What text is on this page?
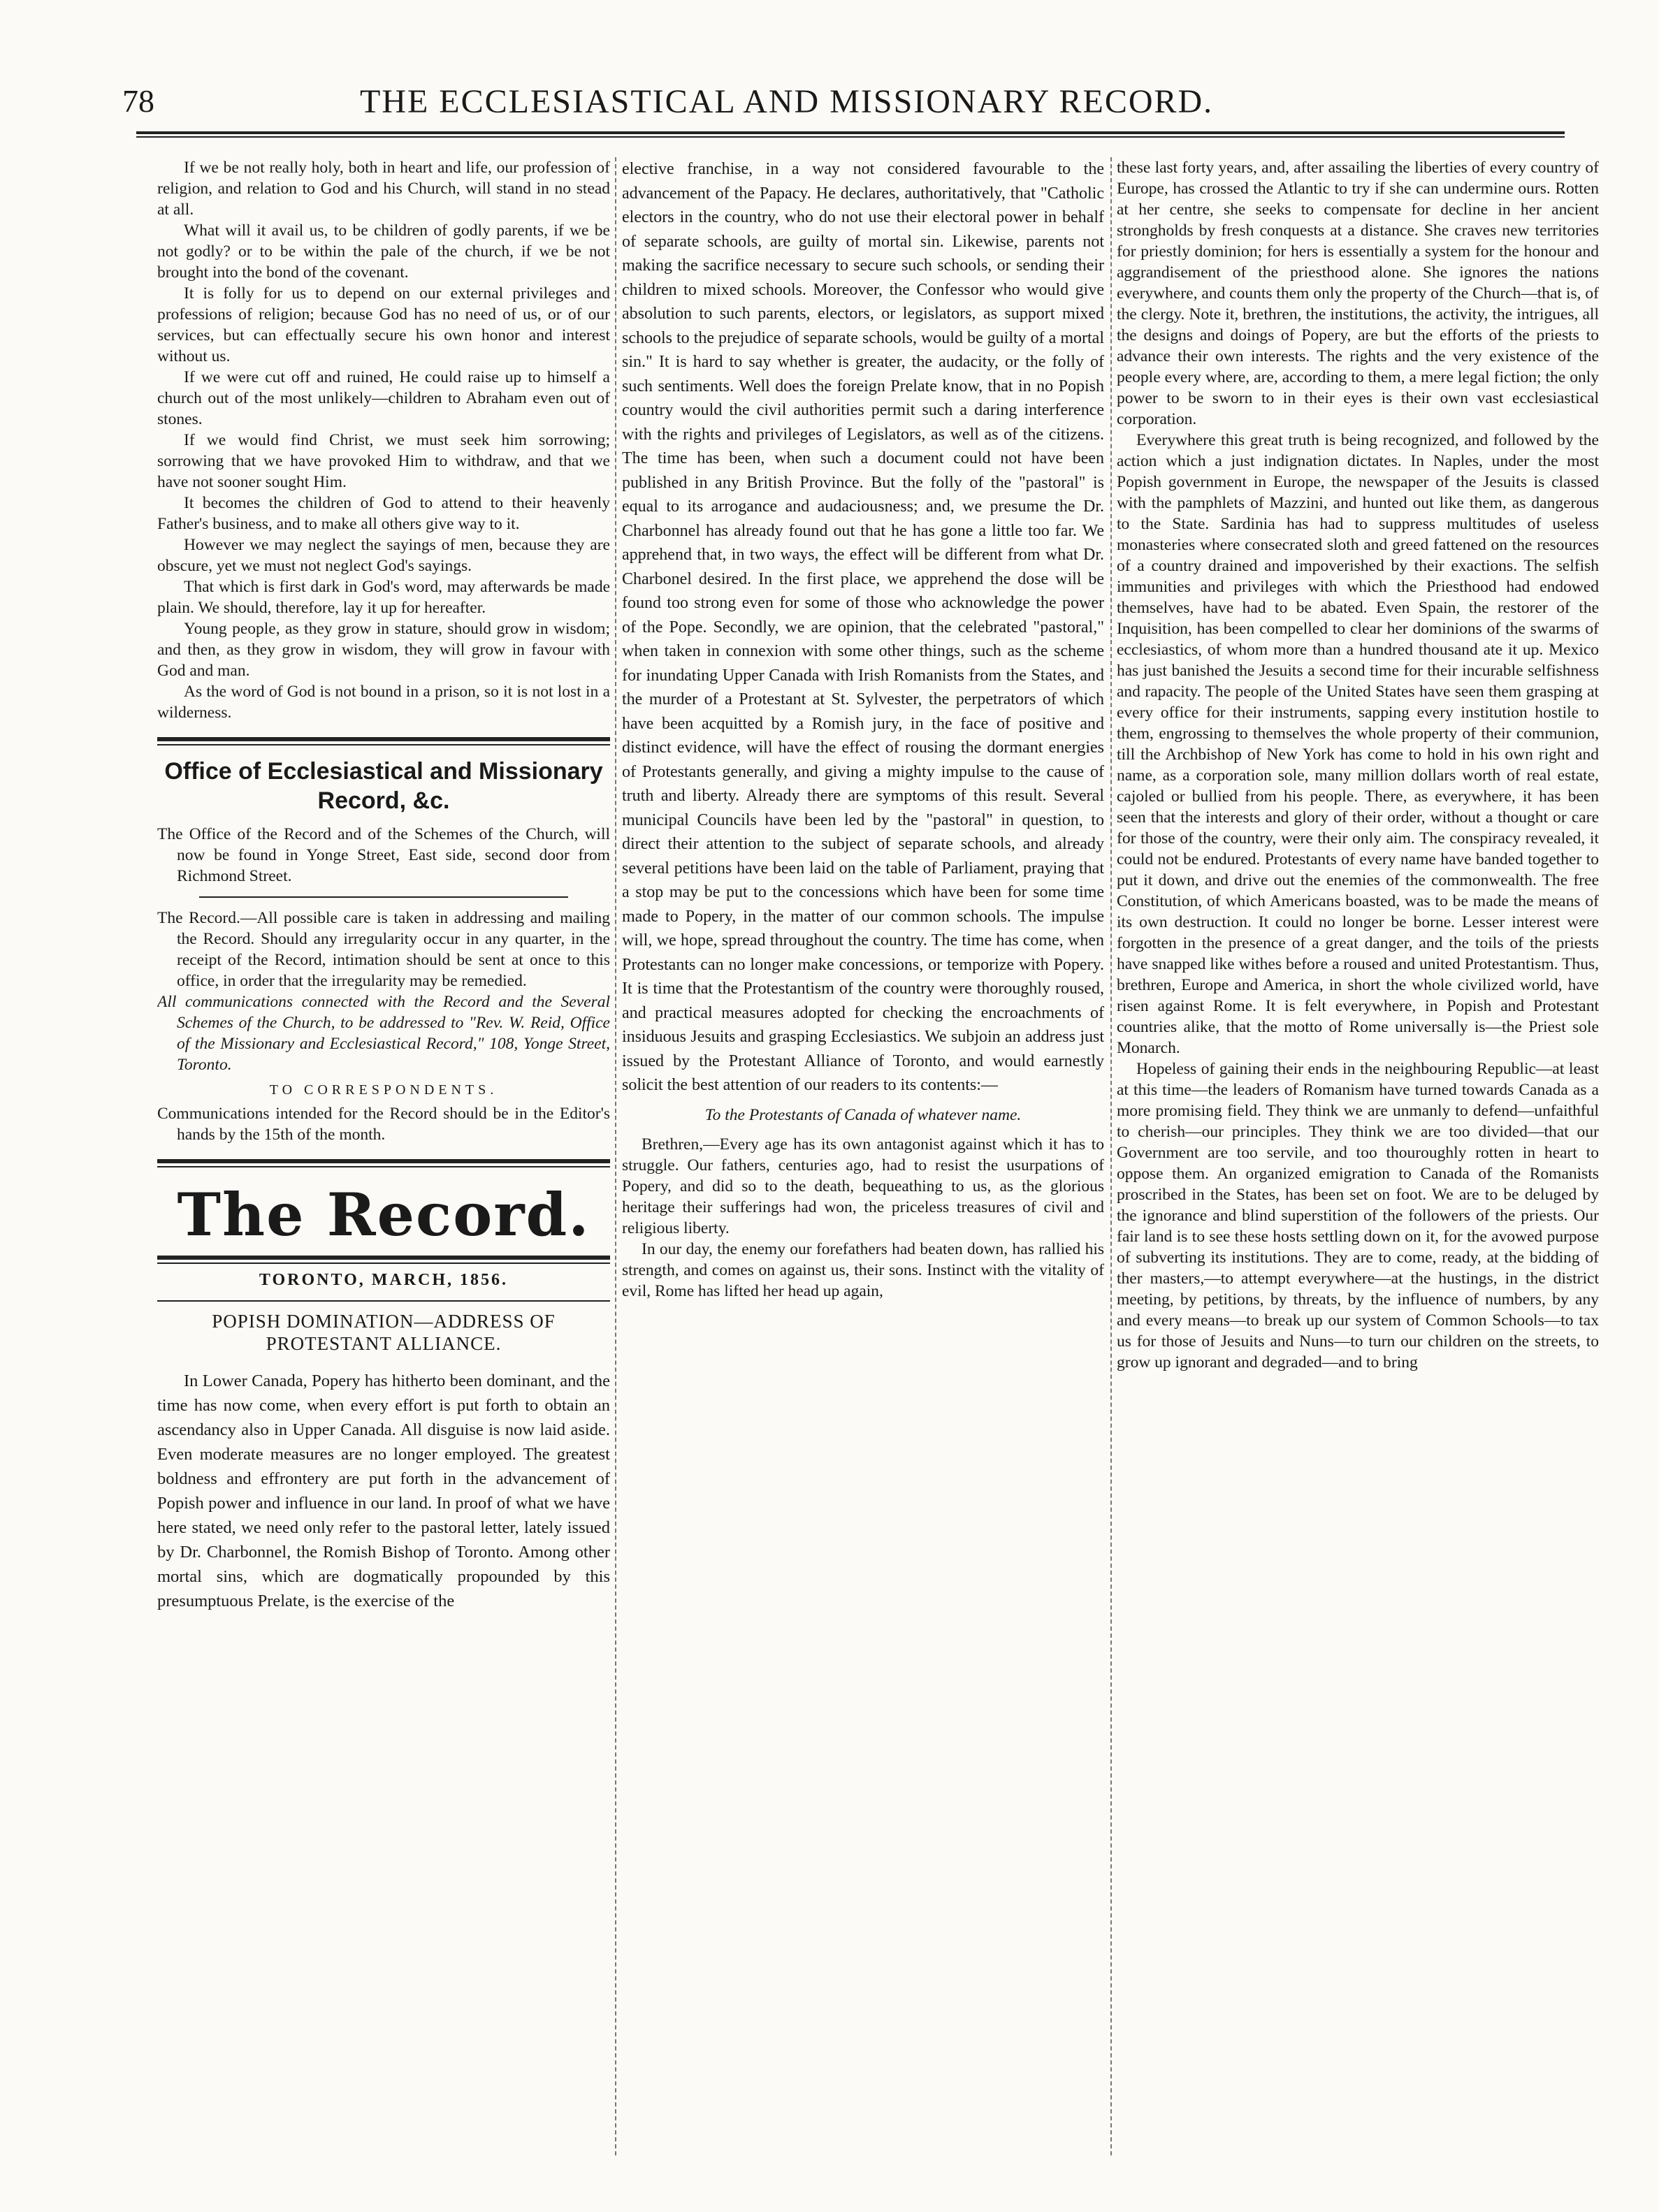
78	THE ECCLESIASTICAL AND MISSIONARY RECORD.

If we be not really holy, both in heart and life, our profession of religion, and relation to God and his Church, will stand in no stead at all.

What will it avail us, to be children of godly parents, if we be not godly? or to be within the pale of the church, if we be not brought into the bond of the covenant.

It is folly for us to depend on our external privileges and professions of religion; because God has no need of us, or of our services, but can effectually secure his own honor and interest without us.

If we were cut off and ruined, He could raise up to himself a church out of the most unlikely—children to Abraham even out of stones.

If we would find Christ, we must seek him sorrowing; sorrowing that we have provoked Him to withdraw, and that we have not sooner sought Him.

It becomes the children of God to attend to their heavenly Father's business, and to make all others give way to it.

However we may neglect the sayings of men, because they are obscure, yet we must not neglect God's sayings.

That which is first dark in God's word, may afterwards be made plain. We should, therefore, lay it up for hereafter.

Young people, as they grow in stature, should grow in wisdom; and then, as they grow in wisdom, they will grow in favour with God and man.

As the word of God is not bound in a prison, so it is not lost in a wilderness.

Office of Ecclesiastical and Missionary Record, &c.

The Office of the Record and of the Schemes of the Church, will now be found in Yonge Street, East side, second door from Richmond Street.

The Record.—All possible care is taken in addressing and mailing the Record. Should any irregularity occur in any quarter, in the receipt of the Record, intimation should be sent at once to this office, in order that the irregularity may be remedied.

All communications connected with the Record and the Several Schemes of the Church, to be addressed to "Rev. W. Reid, Office of the Missionary and Ecclesiastical Record," 108, Yonge Street, Toronto.

TO CORRESPONDENTS.

Communications intended for the Record should be in the Editor's hands by the 15th of the month.

The Record.
TORONTO, MARCH, 1856.
POPISH DOMINATION—ADDRESS OF PROTESTANT ALLIANCE.

In Lower Canada, Popery has hitherto been dominant, and the time has now come, when every effort is put forth to obtain an ascendancy also in Upper Canada. All disguise is now laid aside. Even moderate measures are no longer employed. The greatest boldness and effrontery are put forth in the advancement of Popish power and influence in our land. In proof of what we have here stated, we need only refer to the pastoral letter, lately issued by Dr. Charbonnel, the Romish Bishop of Toronto. Among other mortal sins, which are dogmatically propounded by this presumptuous Prelate, is the exercise of the

elective franchise, in a way not considered favourable to the advancement of the Papacy. He declares, authoritatively, that "Catholic electors in the country, who do not use their electoral power in behalf of separate schools, are guilty of mortal sin. Likewise, parents not making the sacrifice necessary to secure such schools, or sending their children to mixed schools. Moreover, the Confessor who would give absolution to such parents, electors, or legislators, as support mixed schools to the prejudice of separate schools, would be guilty of a mortal sin." It is hard to say whether is greater, the audacity, or the folly of such sentiments. Well does the foreign Prelate know, that in no Popish country would the civil authorities permit such a daring interference with the rights and privileges of Legislators, as well as of the citizens. The time has been, when such a document could not have been published in any British Province. But the folly of the "pastoral" is equal to its arrogance and audaciousness; and, we presume the Dr. Charbonnel has already found out that he has gone a little too far. We apprehend that, in two ways, the effect will be different from what Dr. Charbonel desired. In the first place, we apprehend the dose will be found too strong even for some of those who acknowledge the power of the Pope. Secondly, we are opinion, that the celebrated "pastoral," when taken in connexion with some other things, such as the scheme for inundating Upper Canada with Irish Romanists from the States, and the murder of a Protestant at St. Sylvester, the perpetrators of which have been acquitted by a Romish jury, in the face of positive and distinct evidence, will have the effect of rousing the dormant energies of Protestants generally, and giving a mighty impulse to the cause of truth and liberty. Already there are symptoms of this result. Several municipal Councils have been led by the "pastoral" in question, to direct their attention to the subject of separate schools, and already several petitions have been laid on the table of Parliament, praying that a stop may be put to the concessions which have been for some time made to Popery, in the matter of our common schools. The impulse will, we hope, spread throughout the country. The time has come, when Protestants can no longer make concessions, or temporize with Popery. It is time that the Protestantism of the country were thoroughly roused, and practical measures adopted for checking the encroachments of insiduous Jesuits and grasping Ecclesiastics. We subjoin an address just issued by the Protestant Alliance of Toronto, and would earnestly solicit the best attention of our readers to its contents:—

To the Protestants of Canada of whatever name.

Brethren,—Every age has its own antagonist against which it has to struggle. Our fathers, centuries ago, had to resist the usurpations of Popery, and did so to the death, bequeathing to us, as the glorious heritage their sufferings had won, the priceless treasures of civil and religious liberty.

In our day, the enemy our forefathers had beaten down, has rallied his strength, and comes on against us, their sons. Instinct with the vitality of evil, Rome has lifted her head up again,

these last forty years, and, after assailing the liberties of every country of Europe, has crossed the Atlantic to try if she can undermine ours. Rotten at her centre, she seeks to compensate for decline in her ancient strongholds by fresh conquests at a distance. She craves new territories for priestly dominion; for hers is essentially a system for the honour and aggrandisement of the priesthood alone. She ignores the nations everywhere, and counts them only the property of the Church—that is, of the clergy. Note it, brethren, the institutions, the activity, the intrigues, all the designs and doings of Popery, are but the efforts of the priests to advance their own interests. The rights and the very existence of the people every where, are, according to them, a mere legal fiction; the only power to be sworn to in their eyes is their own vast ecclesiastical corporation.

Everywhere this great truth is being recognized, and followed by the action which a just indignation dictates. In Naples, under the most Popish government in Europe, the newspaper of the Jesuits is classed with the pamphlets of Mazzini, and hunted out like them, as dangerous to the State. Sardinia has had to suppress multitudes of useless monasteries where consecrated sloth and greed fattened on the resources of a country drained and impoverished by their exactions. The selfish immunities and privileges with which the Priesthood had endowed themselves, have had to be abated. Even Spain, the restorer of the Inquisition, has been compelled to clear her dominions of the swarms of ecclesiastics, of whom more than a hundred thousand ate it up. Mexico has just banished the Jesuits a second time for their incurable selfishness and rapacity. The people of the United States have seen them grasping at every office for their instruments, sapping every institution hostile to them, engrossing to themselves the whole property of their communion, till the Archbishop of New York has come to hold in his own right and name, as a corporation sole, many million dollars worth of real estate, cajoled or bullied from his people. There, as everywhere, it has been seen that the interests and glory of their order, without a thought or care for those of the country, were their only aim. The conspiracy revealed, it could not be endured. Protestants of every name have banded together to put it down, and drive out the enemies of the commonwealth. The free Constitution, of which Americans boasted, was to be made the means of its own destruction. It could no longer be borne. Lesser interest were forgotten in the presence of a great danger, and the toils of the priests have snapped like withes before a roused and united Protestantism. Thus, brethren, Europe and America, in short the whole civilized world, have risen against Rome. It is felt everywhere, in Popish and Protestant countries alike, that the motto of Rome universally is—the Priest sole Monarch.

Hopeless of gaining their ends in the neighbouring Republic—at least at this time—the leaders of Romanism have turned towards Canada as a more promising field. They think we are unmanly to defend—unfaithful to cherish—our principles. They think we are too divided—that our Government are too servile, and too thouroughly rotten in heart to oppose them. An organized emigration to Canada of the Romanists proscribed in the States, has been set on foot. We are to be deluged by the ignorance and blind superstition of the followers of the priests. Our fair land is to see these hosts settling down on it, for the avowed purpose of subverting its institutions. They are to come, ready, at the bidding of ther masters,—to attempt everywhere—at the hustings, in the district meeting, by petitions, by threats, by the influence of numbers, by any and every means—to break up our system of Common Schools—to tax us for those of Jesuits and Nuns—to turn our children on the streets, to grow up ignorant and degraded—and to bring
